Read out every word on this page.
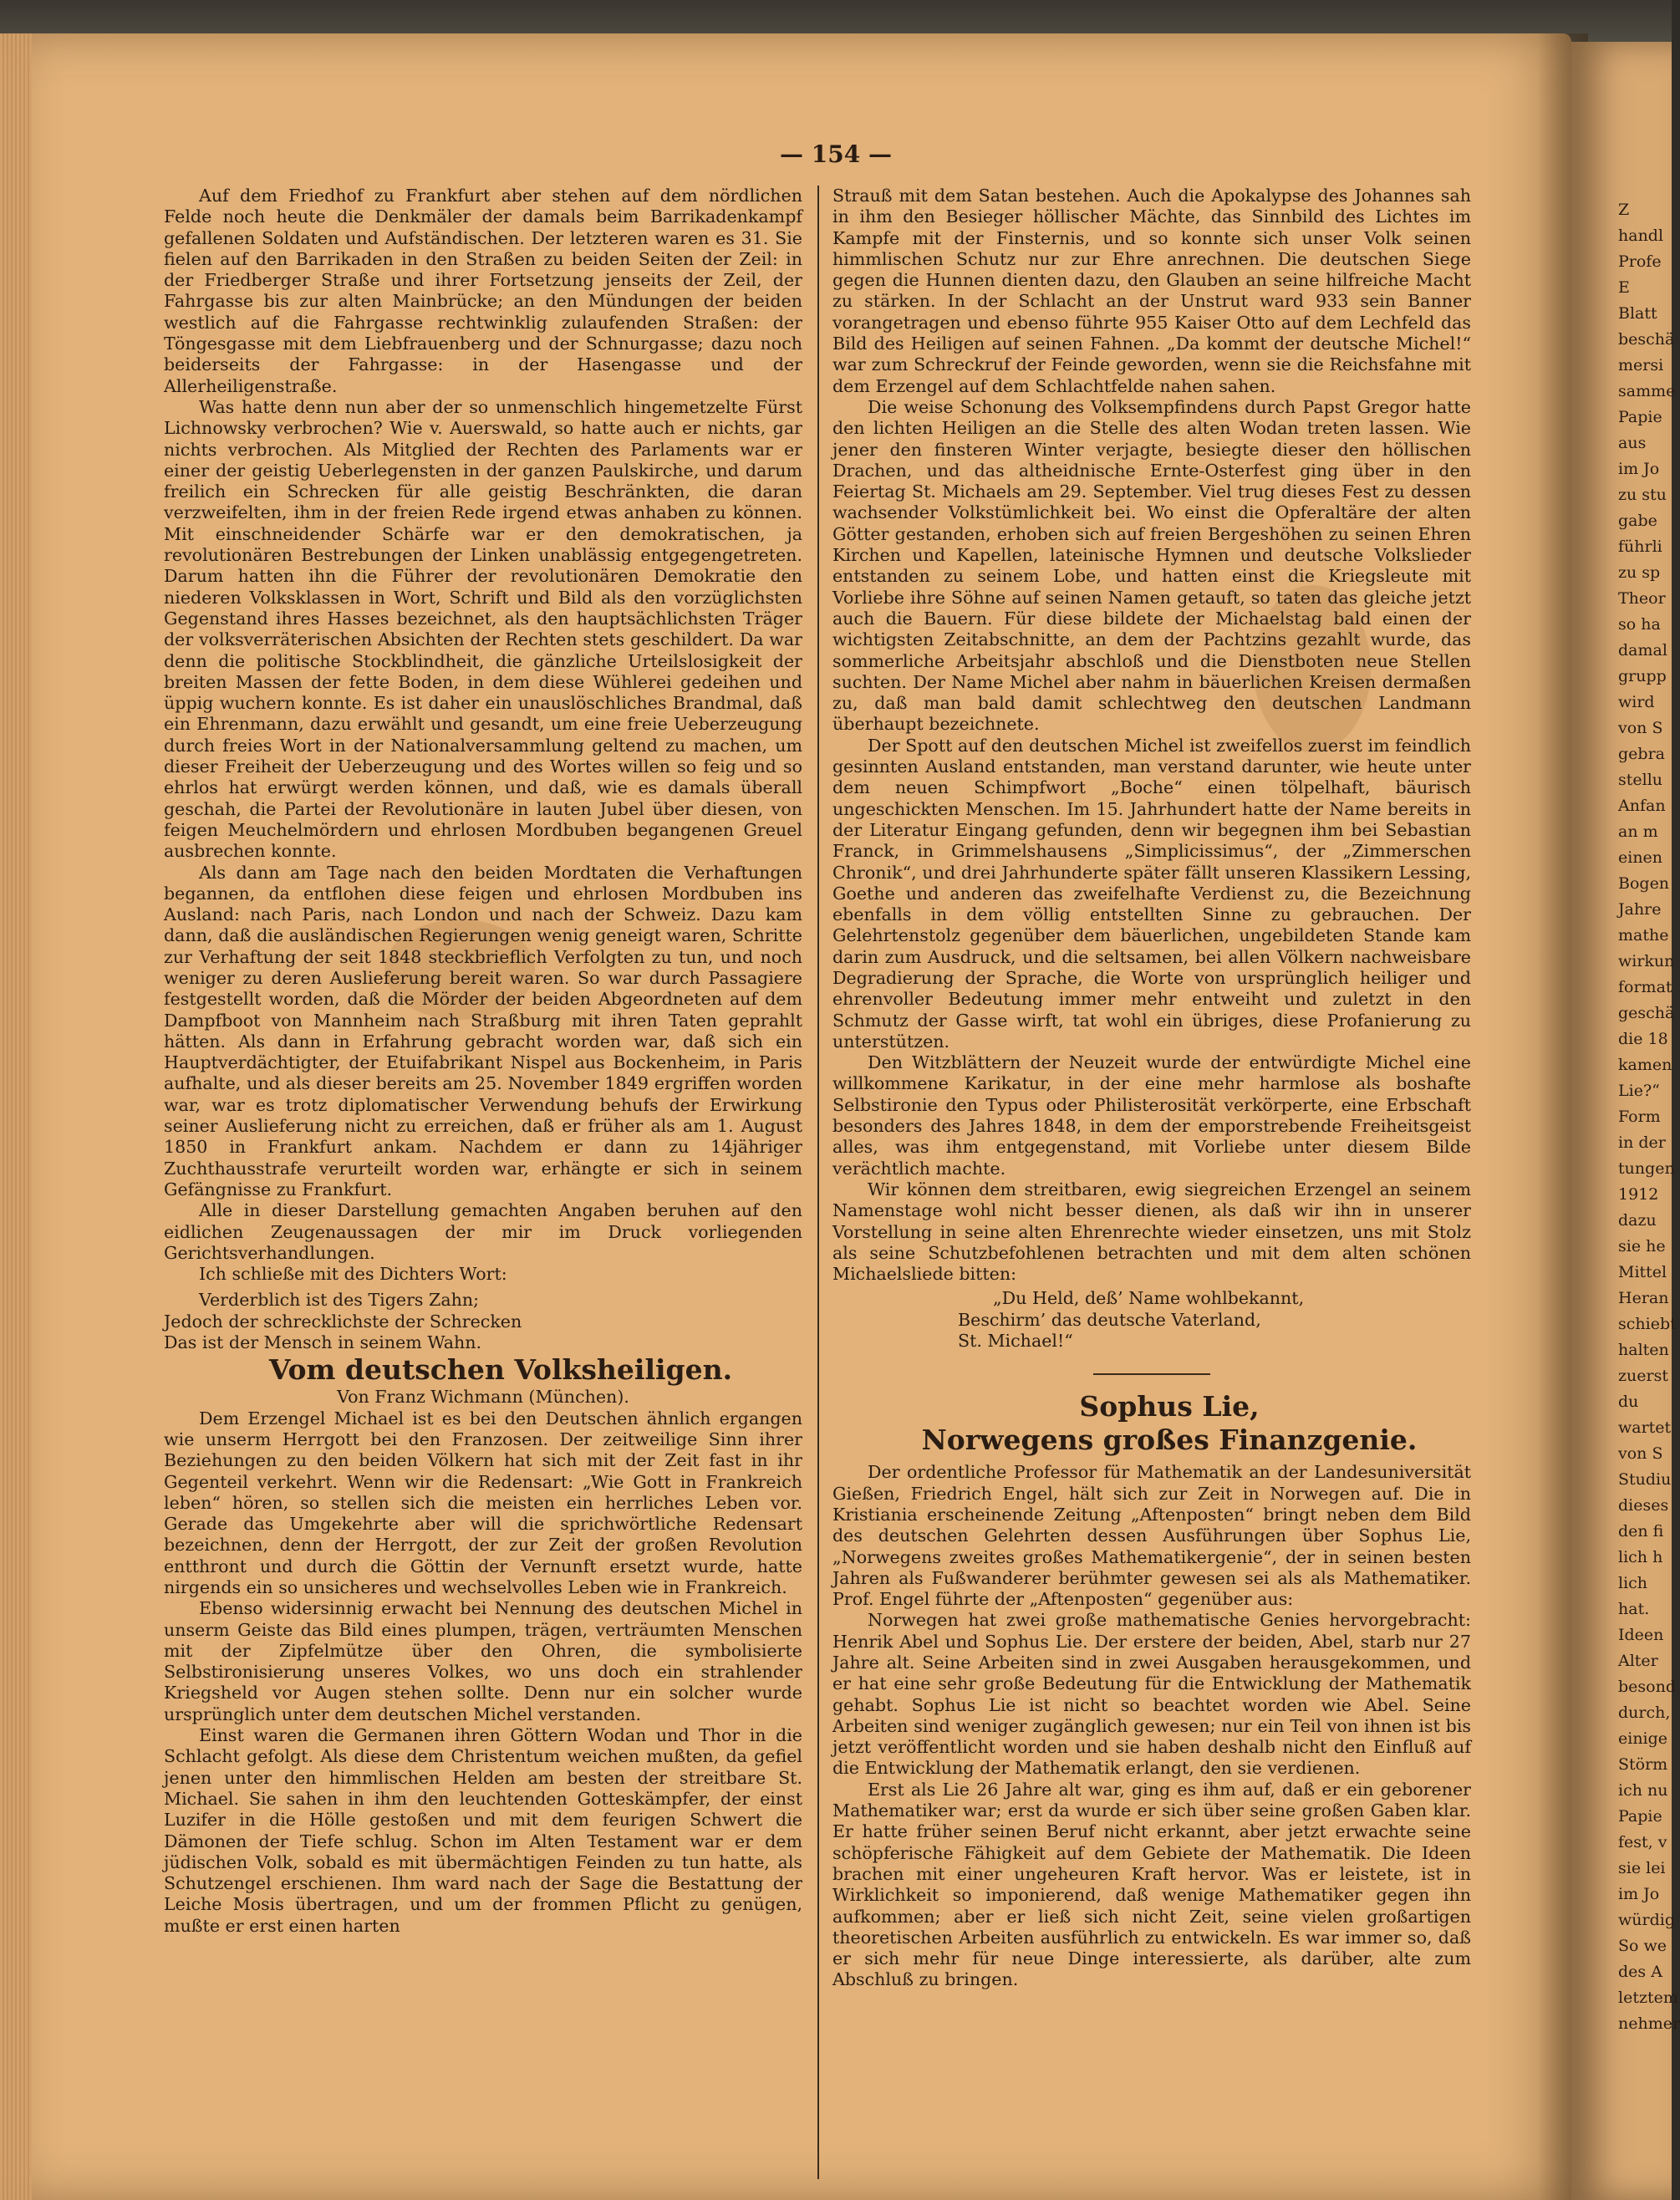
Z
handl
Profe
E
Blatt
beschä
mersi
samme
Papie
aus
im Jo
zu stu
gabe
führli
zu sp
Theor
so ha
damal
grupp
wird
von S
gebra
stellu
Anfan
an m
einen
Bogen
Jahre
mathe
wirkun
format
geschä
die 18
kamen
Lie?“
Form
in der
tungen
1912
dazu
sie he
Mittel
Heran
schiebt
halten
zuerst
du
wartet
von S
Studiu
dieses
den fi
lich h
lich
hat.
Ideen
Alter
besond
durch,
einige
Störm
ich nu
Papie
fest, v
sie lei
im Jo
würdig
So we
des A
letztem
nehmer
— 154 —

Auf dem Friedhof zu Frankfurt aber stehen auf dem nördlichen Felde noch heute die Denkmäler der damals beim Barrikadenkampf gefallenen Soldaten und Aufständischen. Der letzteren waren es 31. Sie fielen auf den Barrikaden in den Straßen zu beiden Seiten der Zeil: in der Friedberger Straße und ihrer Fortsetzung jenseits der Zeil, der Fahrgasse bis zur alten Mainbrücke; an den Mündungen der beiden westlich auf die Fahrgasse rechtwinklig zulaufenden Straßen: der Töngesgasse mit dem Liebfrauenberg und der Schnurgasse; dazu noch beiderseits der Fahrgasse: in der Hasengasse und der Allerheiligenstraße.

Was hatte denn nun aber der so unmenschlich hingemetzelte Fürst Lichnowsky verbrochen? Wie v. Auerswald, so hatte auch er nichts, gar nichts verbrochen. Als Mitglied der Rechten des Parlaments war er einer der geistig Ueberlegensten in der ganzen Paulskirche, und darum freilich ein Schrecken für alle geistig Beschränkten, die daran verzweifelten, ihm in der freien Rede irgend etwas anhaben zu können. Mit einschneidender Schärfe war er den demokratischen, ja revolutionären Bestrebungen der Linken unablässig entgegengetreten. Darum hatten ihn die Führer der revolutionären Demokratie den niederen Volksklassen in Wort, Schrift und Bild als den vorzüglichsten Gegenstand ihres Hasses bezeichnet, als den hauptsächlichsten Träger der volksverräterischen Absichten der Rechten stets geschildert. Da war denn die politische Stockblindheit, die gänzliche Urteilslosigkeit der breiten Massen der fette Boden, in dem diese Wühlerei gedeihen und üppig wuchern konnte. Es ist daher ein unauslöschliches Brandmal, daß ein Ehrenmann, dazu erwählt und gesandt, um eine freie Ueberzeugung durch freies Wort in der Nationalversammlung geltend zu machen, um dieser Freiheit der Ueberzeugung und des Wortes willen so feig und so ehrlos hat erwürgt werden können, und daß, wie es damals überall geschah, die Partei der Revolutionäre in lauten Jubel über diesen, von feigen Meuchelmördern und ehrlosen Mordbuben begangenen Greuel ausbrechen konnte.

Als dann am Tage nach den beiden Mordtaten die Verhaftungen begannen, da entflohen diese feigen und ehrlosen Mordbuben ins Ausland: nach Paris, nach London und nach der Schweiz. Dazu kam dann, daß die ausländischen Regierungen wenig geneigt waren, Schritte zur Verhaftung der seit 1848 steckbrieflich Verfolgten zu tun, und noch weniger zu deren Auslieferung bereit waren. So war durch Passagiere festgestellt worden, daß die Mörder der beiden Abgeordneten auf dem Dampfboot von Mannheim nach Straßburg mit ihren Taten geprahlt hätten. Als dann in Erfahrung gebracht worden war, daß sich ein Hauptverdächtigter, der Etuifabrikant Nispel aus Bockenheim, in Paris aufhalte, und als dieser bereits am 25. November 1849 ergriffen worden war, war es trotz diplomatischer Verwendung behufs der Erwirkung seiner Auslieferung nicht zu erreichen, daß er früher als am 1. August 1850 in Frankfurt ankam. Nachdem er dann zu 14jähriger Zuchthausstrafe verurteilt worden war, erhängte er sich in seinem Gefängnisse zu Frankfurt.

Alle in dieser Darstellung gemachten Angaben beruhen auf den eidlichen Zeugenaussagen der mir im Druck vorliegenden Gerichtsverhandlungen.

Ich schließe mit des Dichters Wort:

Verderblich ist des Tigers Zahn;
Jedoch der schrecklichste der Schrecken
Das ist der Mensch in seinem Wahn.

Vom deutschen Volksheiligen.

Von Franz Wichmann (München).

Dem Erzengel Michael ist es bei den Deutschen ähnlich ergangen wie unserm Herrgott bei den Franzosen. Der zeitweilige Sinn ihrer Beziehungen zu den beiden Völkern hat sich mit der Zeit fast in ihr Gegenteil verkehrt. Wenn wir die Redensart: „Wie Gott in Frankreich leben“ hören, so stellen sich die meisten ein herrliches Leben vor. Gerade das Umgekehrte aber will die sprichwörtliche Redensart bezeichnen, denn der Herrgott, der zur Zeit der großen Revolution entthront und durch die Göttin der Vernunft ersetzt wurde, hatte nirgends ein so unsicheres und wechselvolles Leben wie in Frankreich.

Ebenso widersinnig erwacht bei Nennung des deutschen Michel in unserm Geiste das Bild eines plumpen, trägen, verträumten Menschen mit der Zipfelmütze über den Ohren, die symbolisierte Selbstironisierung unseres Volkes, wo uns doch ein strahlender Kriegsheld vor Augen stehen sollte. Denn nur ein solcher wurde ursprünglich unter dem deutschen Michel verstanden.

Einst waren die Germanen ihren Göttern Wodan und Thor in die Schlacht gefolgt. Als diese dem Christentum weichen mußten, da gefiel jenen unter den himmlischen Helden am besten der streitbare St. Michael. Sie sahen in ihm den leuchtenden Gotteskämpfer, der einst Luzifer in die Hölle gestoßen und mit dem feurigen Schwert die Dämonen der Tiefe schlug. Schon im Alten Testament war er dem jüdischen Volk, sobald es mit übermächtigen Feinden zu tun hatte, als Schutzengel erschienen. Ihm ward nach der Sage die Bestattung der Leiche Mosis übertragen, und um der frommen Pflicht zu genügen, mußte er erst einen harten

Strauß mit dem Satan bestehen. Auch die Apokalypse des Johannes sah in ihm den Besieger höllischer Mächte, das Sinnbild des Lichtes im Kampfe mit der Finsternis, und so konnte sich unser Volk seinen himmlischen Schutz nur zur Ehre anrechnen. Die deutschen Siege gegen die Hunnen dienten dazu, den Glauben an seine hilfreiche Macht zu stärken. In der Schlacht an der Unstrut ward 933 sein Banner vorangetragen und ebenso führte 955 Kaiser Otto auf dem Lechfeld das Bild des Heiligen auf seinen Fahnen. „Da kommt der deutsche Michel!“ war zum Schreckruf der Feinde geworden, wenn sie die Reichsfahne mit dem Erzengel auf dem Schlachtfelde nahen sahen.

Die weise Schonung des Volksempfindens durch Papst Gregor hatte den lichten Heiligen an die Stelle des alten Wodan treten lassen. Wie jener den finsteren Winter verjagte, besiegte dieser den höllischen Drachen, und das altheidnische Ernte-Osterfest ging über in den Feiertag St. Michaels am 29. September. Viel trug dieses Fest zu dessen wachsender Volkstümlichkeit bei. Wo einst die Opferaltäre der alten Götter gestanden, erhoben sich auf freien Bergeshöhen zu seinen Ehren Kirchen und Kapellen, lateinische Hymnen und deutsche Volkslieder entstanden zu seinem Lobe, und hatten einst die Kriegsleute mit Vorliebe ihre Söhne auf seinen Namen getauft, so taten das gleiche jetzt auch die Bauern. Für diese bildete der Michaelstag bald einen der wichtigsten Zeitabschnitte, an dem der Pachtzins gezahlt wurde, das sommerliche Arbeitsjahr abschloß und die Dienstboten neue Stellen suchten. Der Name Michel aber nahm in bäuerlichen Kreisen dermaßen zu, daß man bald damit schlechtweg den deutschen Landmann überhaupt bezeichnete.

Der Spott auf den deutschen Michel ist zweifellos zuerst im feindlich gesinnten Ausland entstanden, man verstand darunter, wie heute unter dem neuen Schimpfwort „Boche“ einen tölpelhaft, bäurisch ungeschickten Menschen. Im 15. Jahrhundert hatte der Name bereits in der Literatur Eingang gefunden, denn wir begegnen ihm bei Sebastian Franck, in Grimmelshausens „Simplicissimus“, der „Zimmerschen Chronik“, und drei Jahrhunderte später fällt unseren Klassikern Lessing, Goethe und anderen das zweifelhafte Verdienst zu, die Bezeichnung ebenfalls in dem völlig entstellten Sinne zu gebrauchen. Der Gelehrtenstolz gegenüber dem bäuerlichen, ungebildeten Stande kam darin zum Ausdruck, und die seltsamen, bei allen Völkern nachweisbare Degradierung der Sprache, die Worte von ursprünglich heiliger und ehrenvoller Bedeutung immer mehr entweiht und zuletzt in den Schmutz der Gasse wirft, tat wohl ein übriges, diese Profanierung zu unterstützen.

Den Witzblättern der Neuzeit wurde der entwürdigte Michel eine willkommene Karikatur, in der eine mehr harmlose als boshafte Selbstironie den Typus oder Philisterosität verkörperte, eine Erbschaft besonders des Jahres 1848, in dem der emporstrebende Freiheitsgeist alles, was ihm entgegenstand, mit Vorliebe unter diesem Bilde verächtlich machte.

Wir können dem streitbaren, ewig siegreichen Erzengel an seinem Namenstage wohl nicht besser dienen, als daß wir ihn in unserer Vorstellung in seine alten Ehrenrechte wieder einsetzen, uns mit Stolz als seine Schutzbefohlenen betrachten und mit dem alten schönen Michaelsliede bitten:

„Du Held, deß’ Name wohlbekannt,
Beschirm’ das deutsche Vaterland,
St. Michael!“

Sophus Lie,

Norwegens großes Finanzgenie.

Der ordentliche Professor für Mathematik an der Landesuniversität Gießen, Friedrich Engel, hält sich zur Zeit in Norwegen auf. Die in Kristiania erscheinende Zeitung „Aftenposten“ bringt neben dem Bild des deutschen Gelehrten dessen Ausführungen über Sophus Lie, „Norwegens zweites großes Mathematikergenie“, der in seinen besten Jahren als Fußwanderer berühmter gewesen sei als als Mathematiker. Prof. Engel führte der „Aftenposten“ gegenüber aus:

Norwegen hat zwei große mathematische Genies hervorgebracht: Henrik Abel und Sophus Lie. Der erstere der beiden, Abel, starb nur 27 Jahre alt. Seine Arbeiten sind in zwei Ausgaben herausgekommen, und er hat eine sehr große Bedeutung für die Entwicklung der Mathematik gehabt. Sophus Lie ist nicht so beachtet worden wie Abel. Seine Arbeiten sind weniger zugänglich gewesen; nur ein Teil von ihnen ist bis jetzt veröffentlicht worden und sie haben deshalb nicht den Einfluß auf die Entwicklung der Mathematik erlangt, den sie verdienen.

Erst als Lie 26 Jahre alt war, ging es ihm auf, daß er ein geborener Mathematiker war; erst da wurde er sich über seine großen Gaben klar. Er hatte früher seinen Beruf nicht erkannt, aber jetzt erwachte seine schöpferische Fähigkeit auf dem Gebiete der Mathematik. Die Ideen brachen mit einer ungeheuren Kraft hervor. Was er leistete, ist in Wirklichkeit so imponierend, daß wenige Mathematiker gegen ihn aufkommen; aber er ließ sich nicht Zeit, seine vielen großartigen theoretischen Arbeiten ausführlich zu entwickeln. Es war immer so, daß er sich mehr für neue Dinge interessierte, als darüber, alte zum Abschluß zu bringen.
